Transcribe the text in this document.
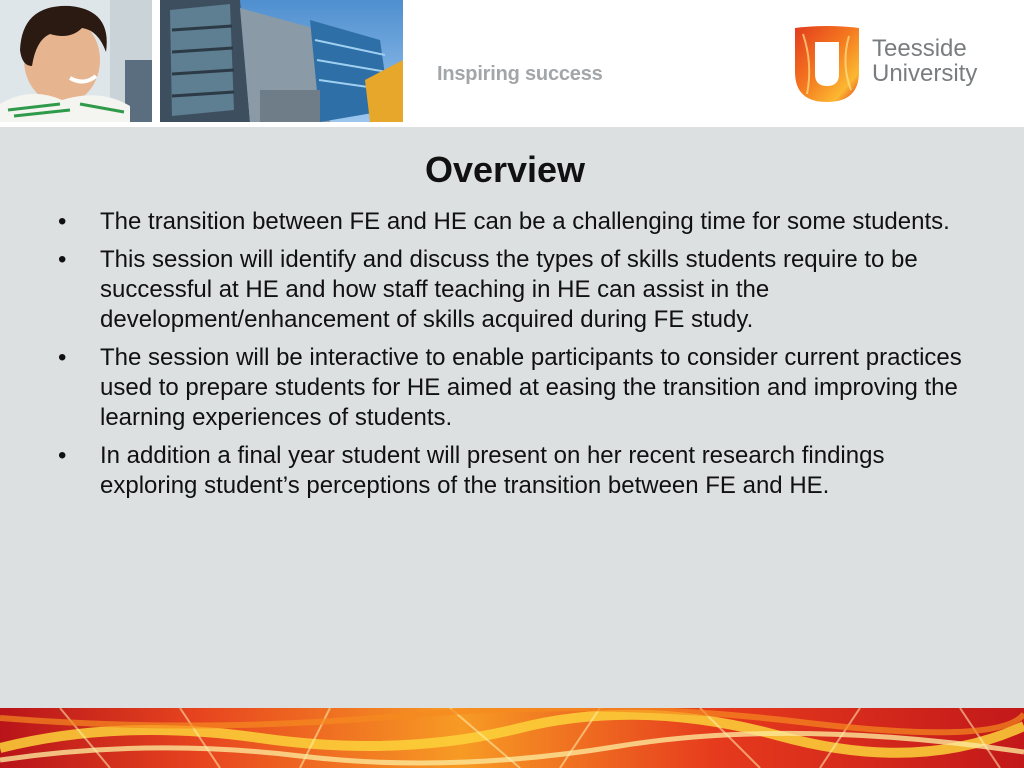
Inspiring success
Teesside
University
Overview
• The transition between FE and HE can be a challenging time for some students.
• This session will identify and discuss the types of skills students require to be successful at HE and how staff teaching in HE can assist in the development/enhancement of skills acquired during FE study.
• The session will be interactive to enable participants to consider current practices used to prepare students for HE aimed at easing the transition and improving the learning experiences of students.
• In addition a final year student will present on her recent research findings exploring student’s perceptions of the transition between FE and HE.
